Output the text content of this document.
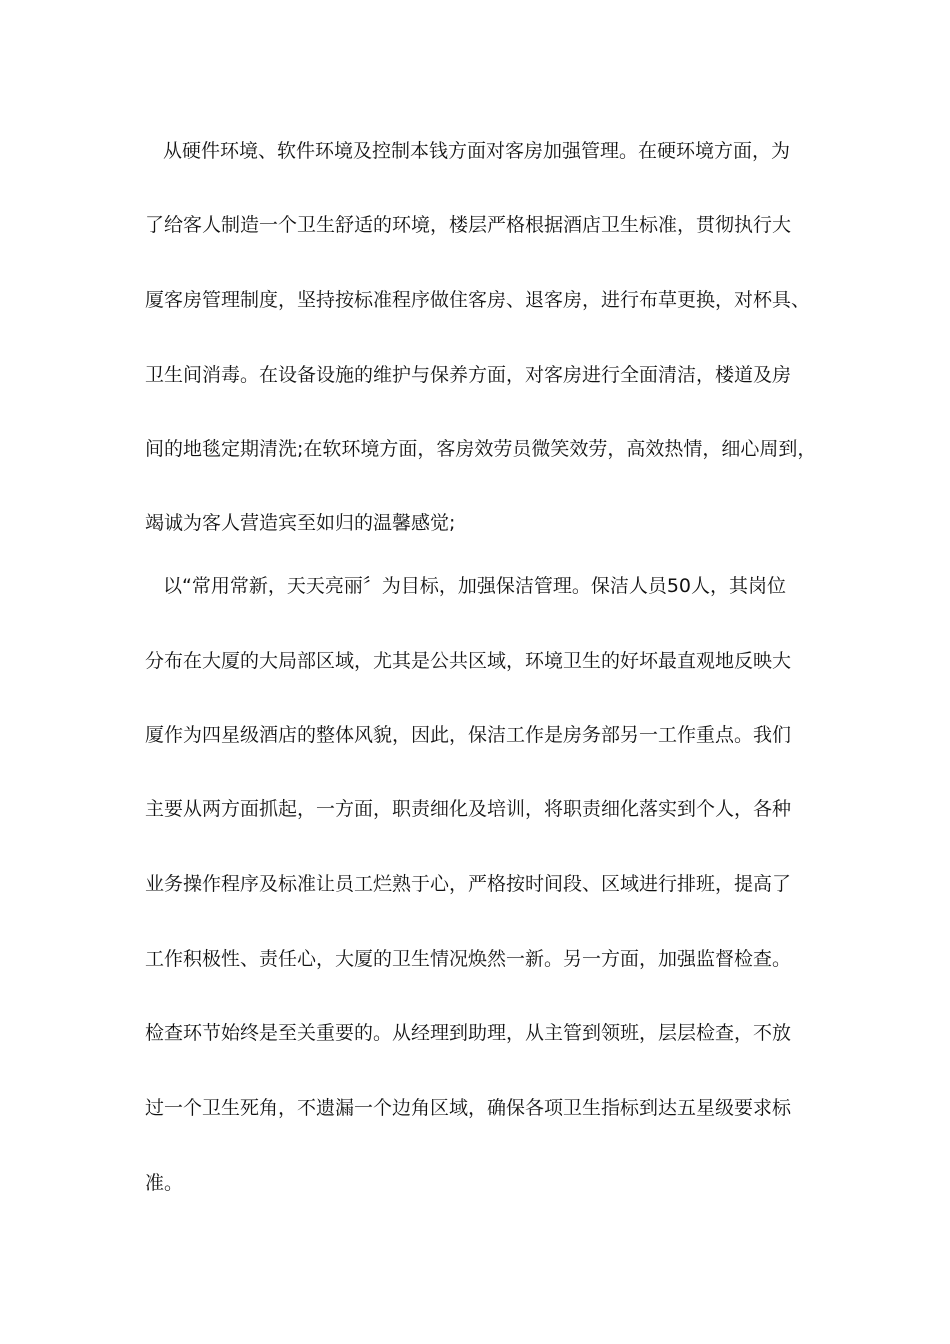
从硬件环境、软件环境及控制本钱方面对客房加强管理。在硬环境方面，为

了给客人制造一个卫生舒适的环境，楼层严格根据酒店卫生标准，贯彻执行大

厦客房管理制度，坚持按标准程序做住客房、退客房，进行布草更换，对杯具、

卫生间消毒。在设备设施的维护与保养方面，对客房进行全面清洁，楼道及房

间的地毯定期清洗;在软环境方面，客房效劳员微笑效劳，高效热情，细心周到，

竭诚为客人营造宾至如归的温馨感觉;

以“常用常新，天天亮丽〞为目标，加强保洁管理。保洁人员50人，其岗位

分布在大厦的大局部区域，尤其是公共区域，环境卫生的好坏最直观地反映大

厦作为四星级酒店的整体风貌，因此，保洁工作是房务部另一工作重点。我们

主要从两方面抓起，一方面，职责细化及培训，将职责细化落实到个人，各种

业务操作程序及标准让员工烂熟于心，严格按时间段、区域进行排班，提高了

工作积极性、责任心，大厦的卫生情况焕然一新。另一方面，加强监督检查。

检查环节始终是至关重要的。从经理到助理，从主管到领班，层层检查，不放

过一个卫生死角，不遗漏一个边角区域，确保各项卫生指标到达五星级要求标

准。
